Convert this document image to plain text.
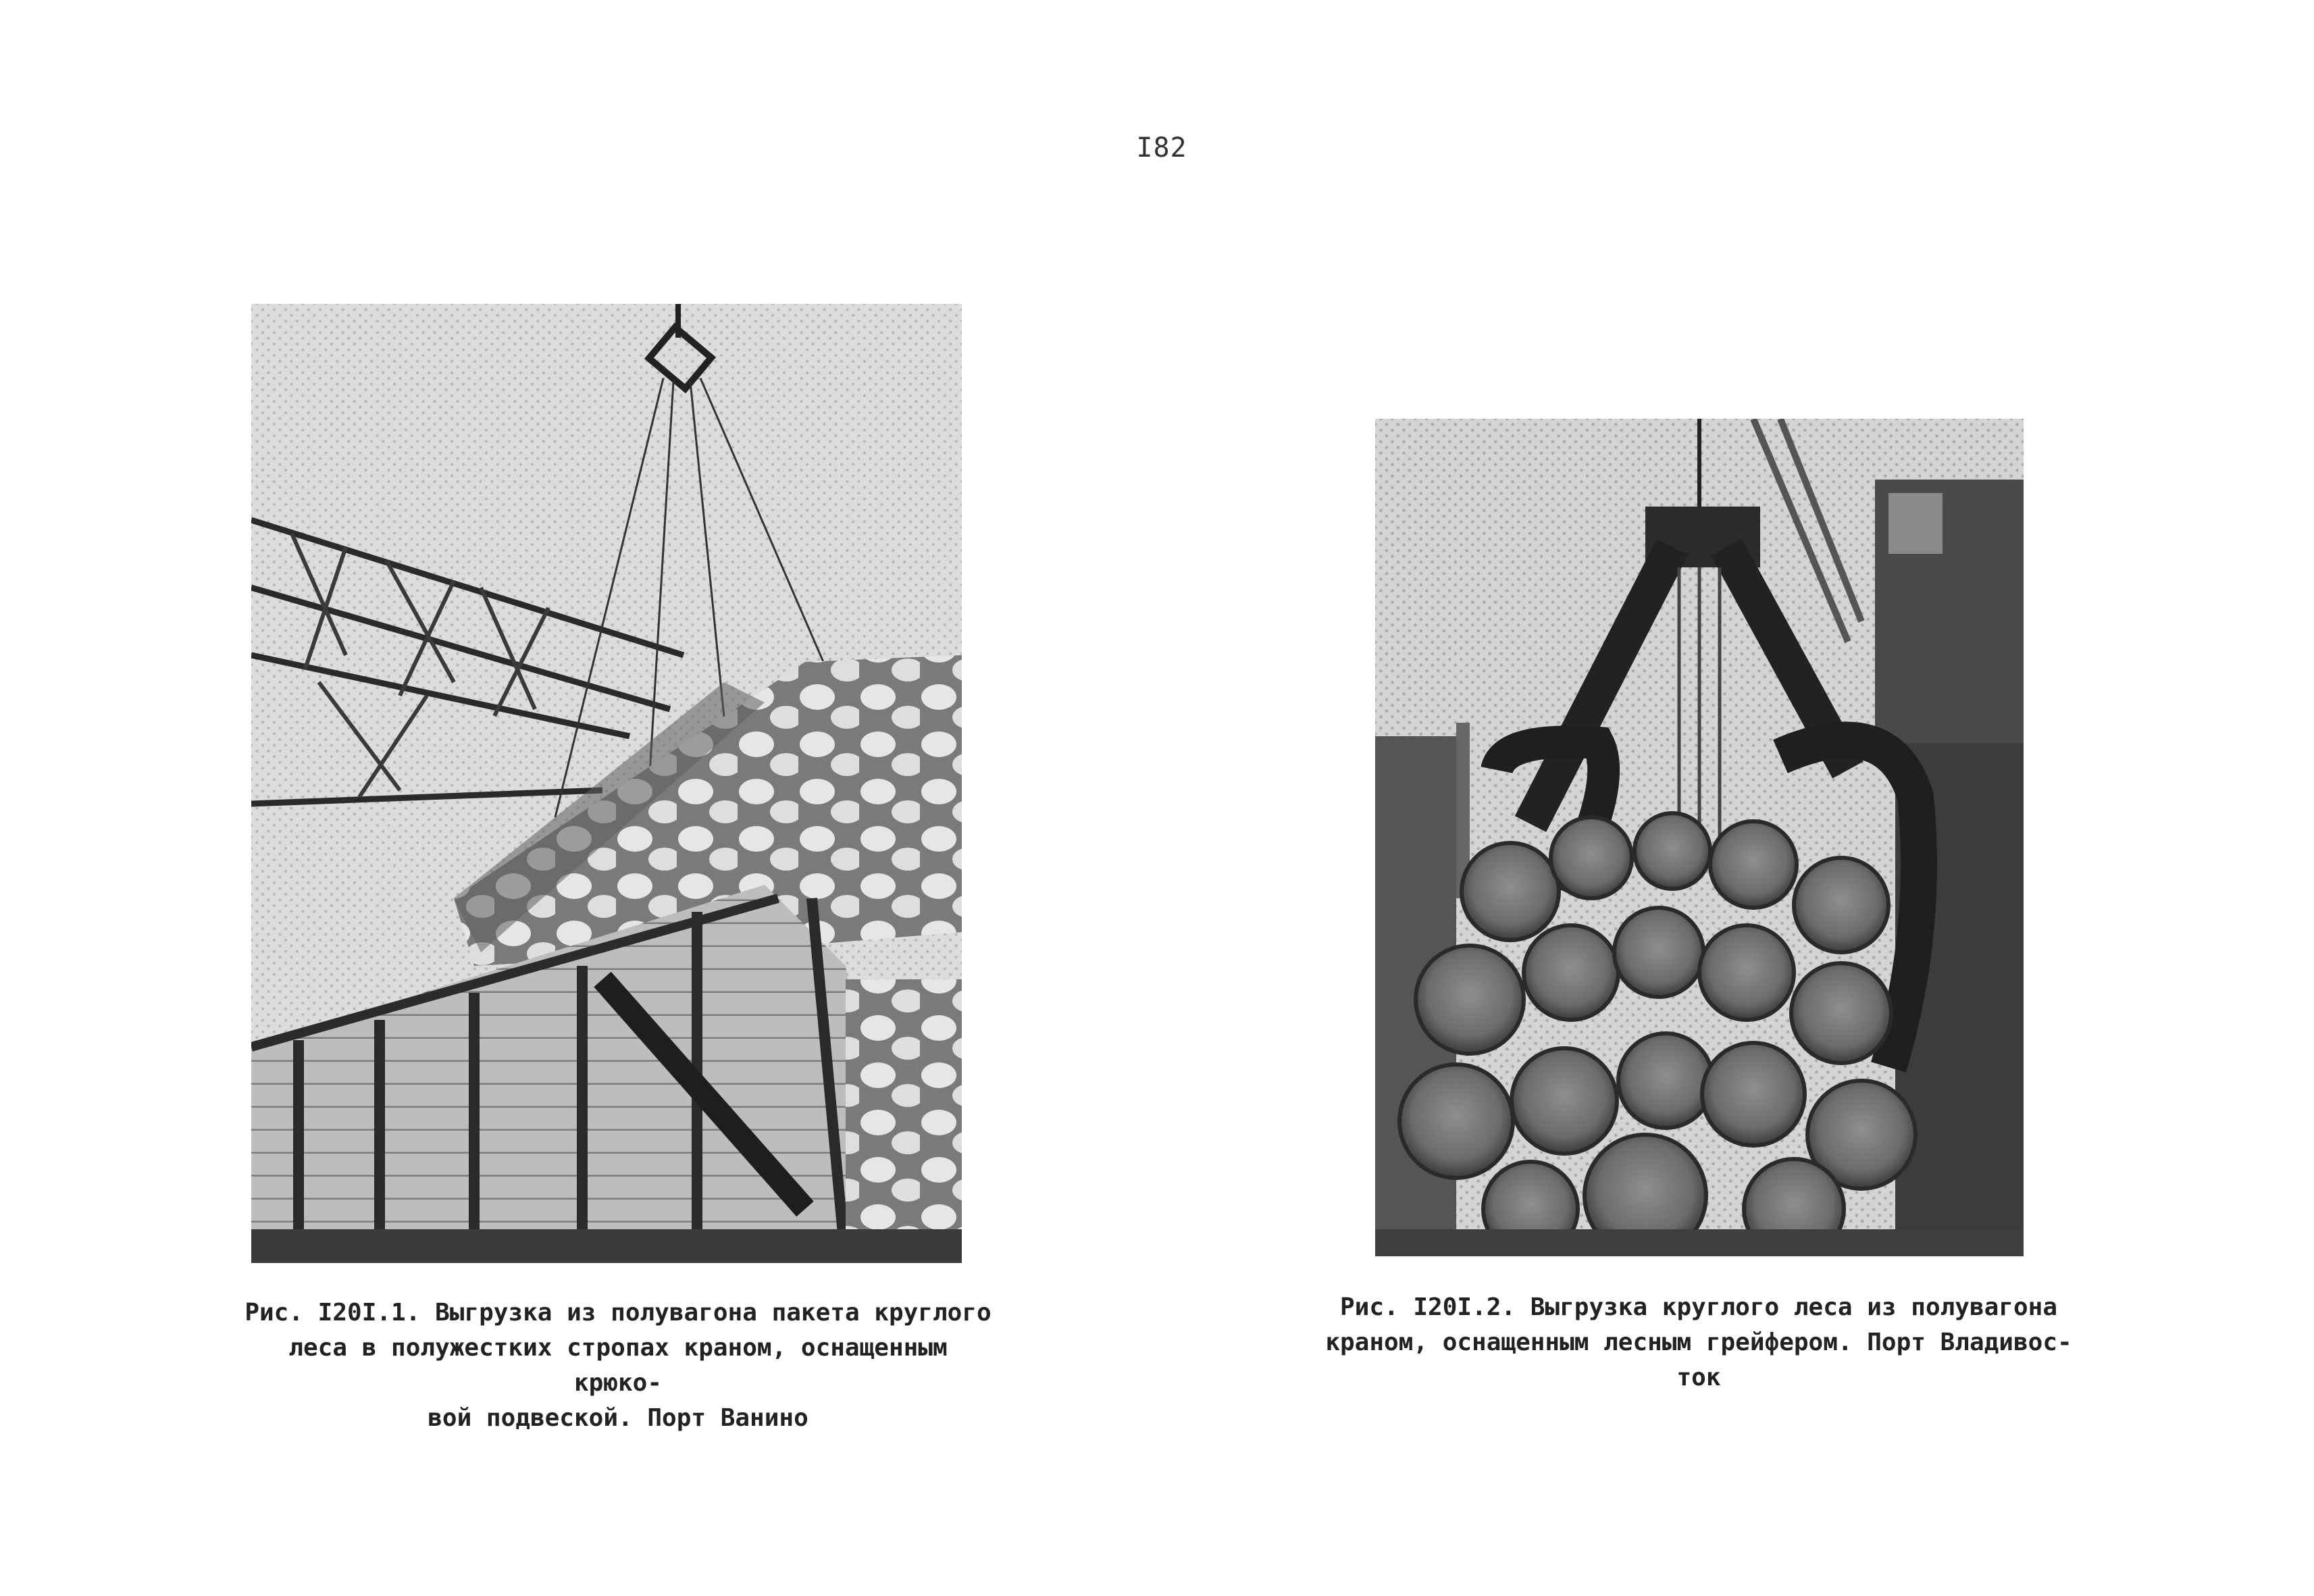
I82
Рис. I20I.1. Выгрузка из полувагона пакета круглого
леса в полужестких стропах краном, оснащенным крюко-
вой подвеской. Порт Ванино
Рис. I20I.2. Выгрузка круглого леса из полувагона
краном, оснащенным лесным грейфером. Порт Владивос-
ток
